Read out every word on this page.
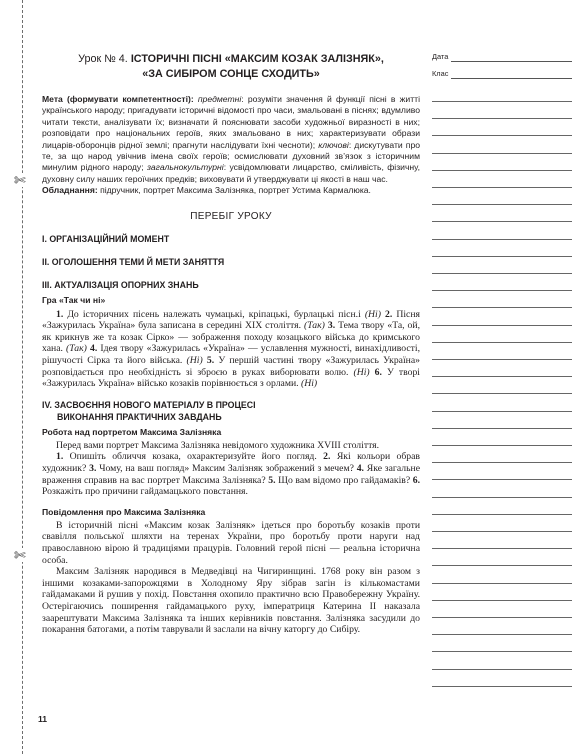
✄
✄
Урок № 4. ІСТОРИЧНІ ПІСНІ «МАКСИМ КОЗАК ЗАЛІЗНЯК»,
«ЗА СИБІРОМ СОНЦЕ СХОДИТЬ»

Мета (формувати компетентності): предметні: розуміти значення й функції пісні в житті українського народу; пригадувати історичні відомості про часи, змальовані в піснях; вдумливо читати тексти, аналізувати їх; визначати й пояснювати засоби художньої виразності в них; розповідати про національних героїв, яких змальовано в них; характеризувати образи лицарів-оборонців рідної землі; прагнути наслідувати їхні чесноти); ключові: дискутувати про те, за що народ увічнив імена своїх героїв; осмислювати духовний зв’язок з історичним минулим рідного народу; загальнокультурні: усвідомлювати лицарство, сміливість, фізичну, духовну силу наших героїчних предків; виховувати й утверджувати ці якості в наш час.

Обладнання: підручник, портрет Максима Залізняка, портрет Устима Кармалюка.

ПЕРЕБІГ УРОКУ

І. ОРГАНІЗАЦІЙНИЙ МОМЕНТ

ІІ. ОГОЛОШЕННЯ ТЕМИ Й МЕТИ ЗАНЯТТЯ

ІІІ. АКТУАЛІЗАЦІЯ ОПОРНИХ ЗНАНЬ

Гра «Так чи ні»

1. До історичних пісень належать чумацькі, кріпацькі, бурлацькі пісн.і (Ні) 2. Пісня «Зажурилась Україна» була записана в середині XIX століття. (Так) 3. Тема твору «Та, ой, як крикнув же та козак Сірко» — зображення походу козацького війська до кримського хана. (Так) 4. Ідея твору «Зажурилась «Україна» — уславлення мужності, винахідливості, рішучості Сірка та його війська. (Ні) 5. У першій частині твору «Зажурилась Україна» розповідається про необхідність зі зброєю в руках виборювати волю. (Ні) 6. У творі «Зажурилась Україна» військо козаків порівнюється з орлами. (Ні)

IV. ЗАСВОЄННЯ НОВОГО МАТЕРІАЛУ В ПРОЦЕСІ
ВИКОНАННЯ ПРАКТИЧНИХ ЗАВДАНЬ

Робота над портретом Максима Залізняка

Перед вами портрет Максима Залізняка невідомого художника XVIII століття.

1. Опишіть обличчя козака, охарактеризуйте його погляд. 2. Які кольори обрав художник? 3. Чому, на ваш погляд» Максим Залізняк зображений з мечем? 4. Яке загальне враження справив на вас портрет Максима Залізняка? 5. Що вам відомо про гайдамаків? 6. Розкажіть про причини гайдамацького повстання.

Повідомлення про Максима Залізняка

В історичній пісні «Максим козак Залізняк» ідеться про боротьбу козаків проти свавілля польської шляхти на теренах України, про боротьбу проти наруги над православною вірою й традиціями працурів. Головний герой пісні — реальна історична особа.

Максим Залізняк народився в Медведівці на Чигиринщині. 1768 року він разом з іншими козаками-запорожцями в Холодному Яру зібрав загін із кількомастами гайдамаками й рушив у похід. Повстання охопило практично всю Правобережну Україну. Остерігаючись поширення гайдамацького руху, імператриця Катерина ІІ наказала заарештувати Максима Залізняка та інших керівників повстання. Залізняка засудили до покарання батогами, а потім таврували й заслали на вічну каторгу до Сибіру.

Дата
Клас
11
